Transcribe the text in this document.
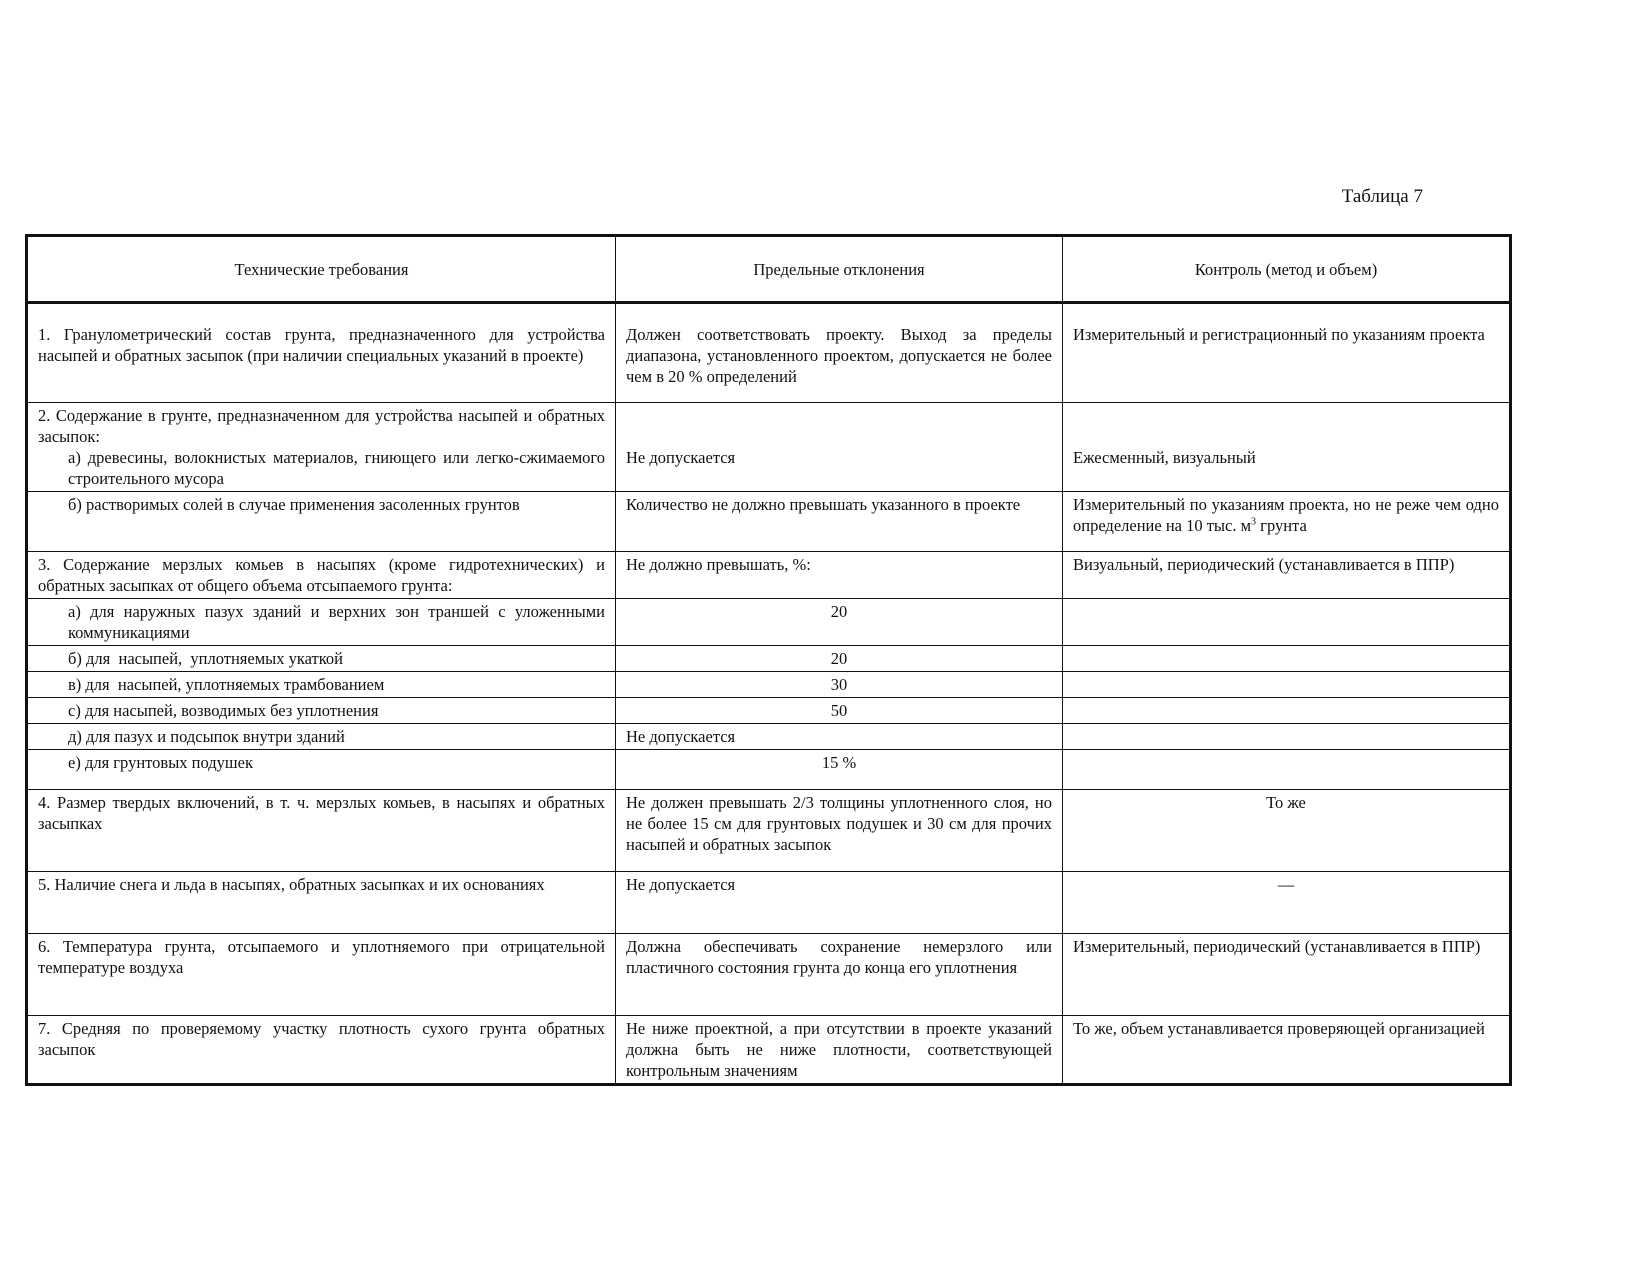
Таблица 7
Технические требования	Предельные отклонения	Контроль (метод и объем)
1. Гранулометрический состав грунта, предназначенного для устройства насыпей и обратных засыпок (при наличии специальных указаний в проекте)	Должен соответствовать проекту. Выход за пределы диапазона, установленного проектом, допускается не более чем в 20 % определений	Измерительный и регистрационный по указаниям проекта

2. Содержание в грунте, предназначенном для устройства насыпей и обратных засыпок:
а) древесины, волокнистых материалов, гниющего или легко-сжимаемого строительного мусора	Не допускается	Ежесменный, визуальный

б) растворимых солей в случае применения засоленных грунтов	Количество не должно превышать указанного в проекте	Измерительный по указаниям проекта, но не реже чем одно определение на 10 тыс. $м^3$ грунта
3. Содержание мерзлых комьев в насыпях (кроме гидротехнических) и обратных засыпках от общего объема отсыпаемого грунта:	Не должно превышать, %:	Визуальный, периодический (устанавливается в ППР)
а) для наружных пазух зданий и верхних зон траншей с уложенными коммуникациями	20	
б) для  насыпей,  уплотняемых укаткой	20	
в) для  насыпей, уплотняемых трамбованием	30	
с) для насыпей, возводимых без уплотнения	50	
д) для пазух и подсыпок внутри зданий	Не допускается	
е) для грунтовых подушек	15 %	
4. Размер твердых включений, в т. ч. мерзлых комьев, в насыпях и обратных засыпках	Не должен превышать 2/3 толщины уплотненного слоя, но не более 15 см для грунтовых подушек и 30 см для прочих насыпей и обратных засыпок	То же
5. Наличие снега и льда в насыпях, обратных засыпках и их основаниях	Не допускается	—
6. Температура грунта, отсыпаемого и уплотняемого при отрицательной температуре воздуха	Должна обеспечивать сохранение немерзлого или пластичного состояния грунта до конца его уплотнения	Измерительный, периодический (устанавливается в ППР)
7. Средняя по проверяемому участку плотность сухого грунта обратных засыпок	Не ниже проектной, а при отсутствии в проекте указаний должна быть не ниже плотности, соответствующей контрольным значениям	То же, объем устанавливается проверяющей организацией
